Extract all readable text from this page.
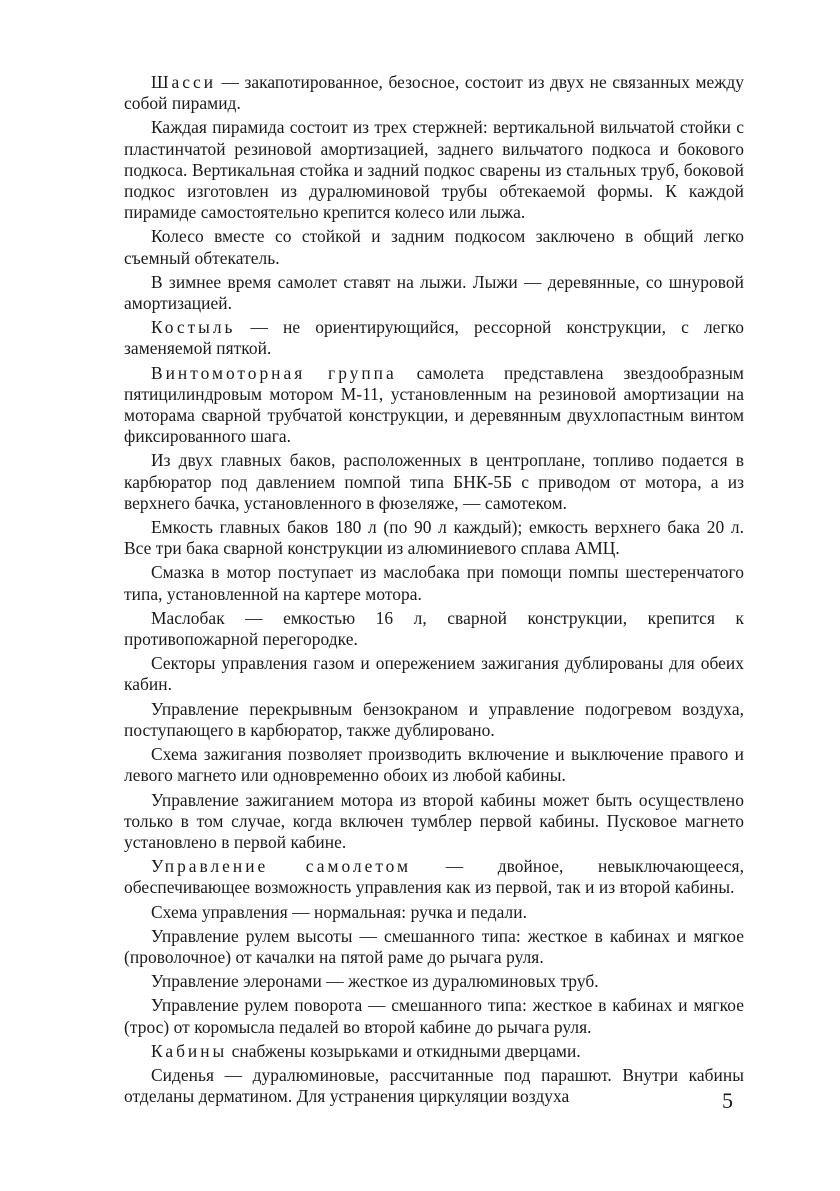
Шасси — закапотированное, безосное, состоит из двух не связанных между собой пирамид.

Каждая пирамида состоит из трех стержней: вертикальной вильчатой стойки с пластинчатой резиновой амортизацией, заднего вильчатого подкоса и бокового подкоса. Вертикальная стойка и задний подкос сварены из стальных труб, боковой подкос изготовлен из дуралюминовой трубы обтекаемой формы. К каждой пирамиде самостоятельно крепится колесо или лыжа.

Колесо вместе со стойкой и задним подкосом заключено в общий легко съемный обтекатель.

В зимнее время самолет ставят на лыжи. Лыжи — деревянные, со шнуровой амортизацией.

Костыль — не ориентирующийся, рессорной конструкции, с легко заменяемой пяткой.

Винтомоторная группа самолета представлена звездообразным пятицилиндровым мотором М-11, установленным на резиновой амортизации на моторама сварной трубчатой конструкции, и деревянным двухлопастным винтом фиксированного шага.

Из двух главных баков, расположенных в центроплане, топливо подается в карбюратор под давлением помпой типа БНК-5Б с приводом от мотора, а из верхнего бачка, установленного в фюзеляже, — самотеком.

Емкость главных баков 180 л (по 90 л каждый); емкость верхнего бака 20 л. Все три бака сварной конструкции из алюминиевого сплава АМЦ.

Смазка в мотор поступает из маслобака при помощи помпы шестеренчатого типа, установленной на картере мотора.

Маслобак — емкостью 16 л, сварной конструкции, крепится к противопожарной перегородке.

Секторы управления газом и опережением зажигания дублированы для обеих кабин.

Управление перекрывным бензокраном и управление подогревом воздуха, поступающего в карбюратор, также дублировано.

Схема зажигания позволяет производить включение и выключение правого и левого магнето или одновременно обоих из любой кабины.

Управление зажиганием мотора из второй кабины может быть осуществлено только в том случае, когда включен тумблер первой кабины. Пусковое магнето установлено в первой кабине.

Управление самолетом — двойное, невыключающееся, обеспечивающее возможность управления как из первой, так и из второй кабины.

Схема управления — нормальная: ручка и педали.

Управление рулем высоты — смешанного типа: жесткое в кабинах и мягкое (проволочное) от качалки на пятой раме до рычага руля.

Управление элеронами — жесткое из дуралюминовых труб.

Управление рулем поворота — смешанного типа: жесткое в кабинах и мягкое (трос) от коромысла педалей во второй кабине до рычага руля.

Кабины снабжены козырьками и откидными дверцами.

Сиденья — дуралюминовые, рассчитанные под парашют. Внутри кабины отделаны дерматином. Для устранения циркуляции воздуха	5
